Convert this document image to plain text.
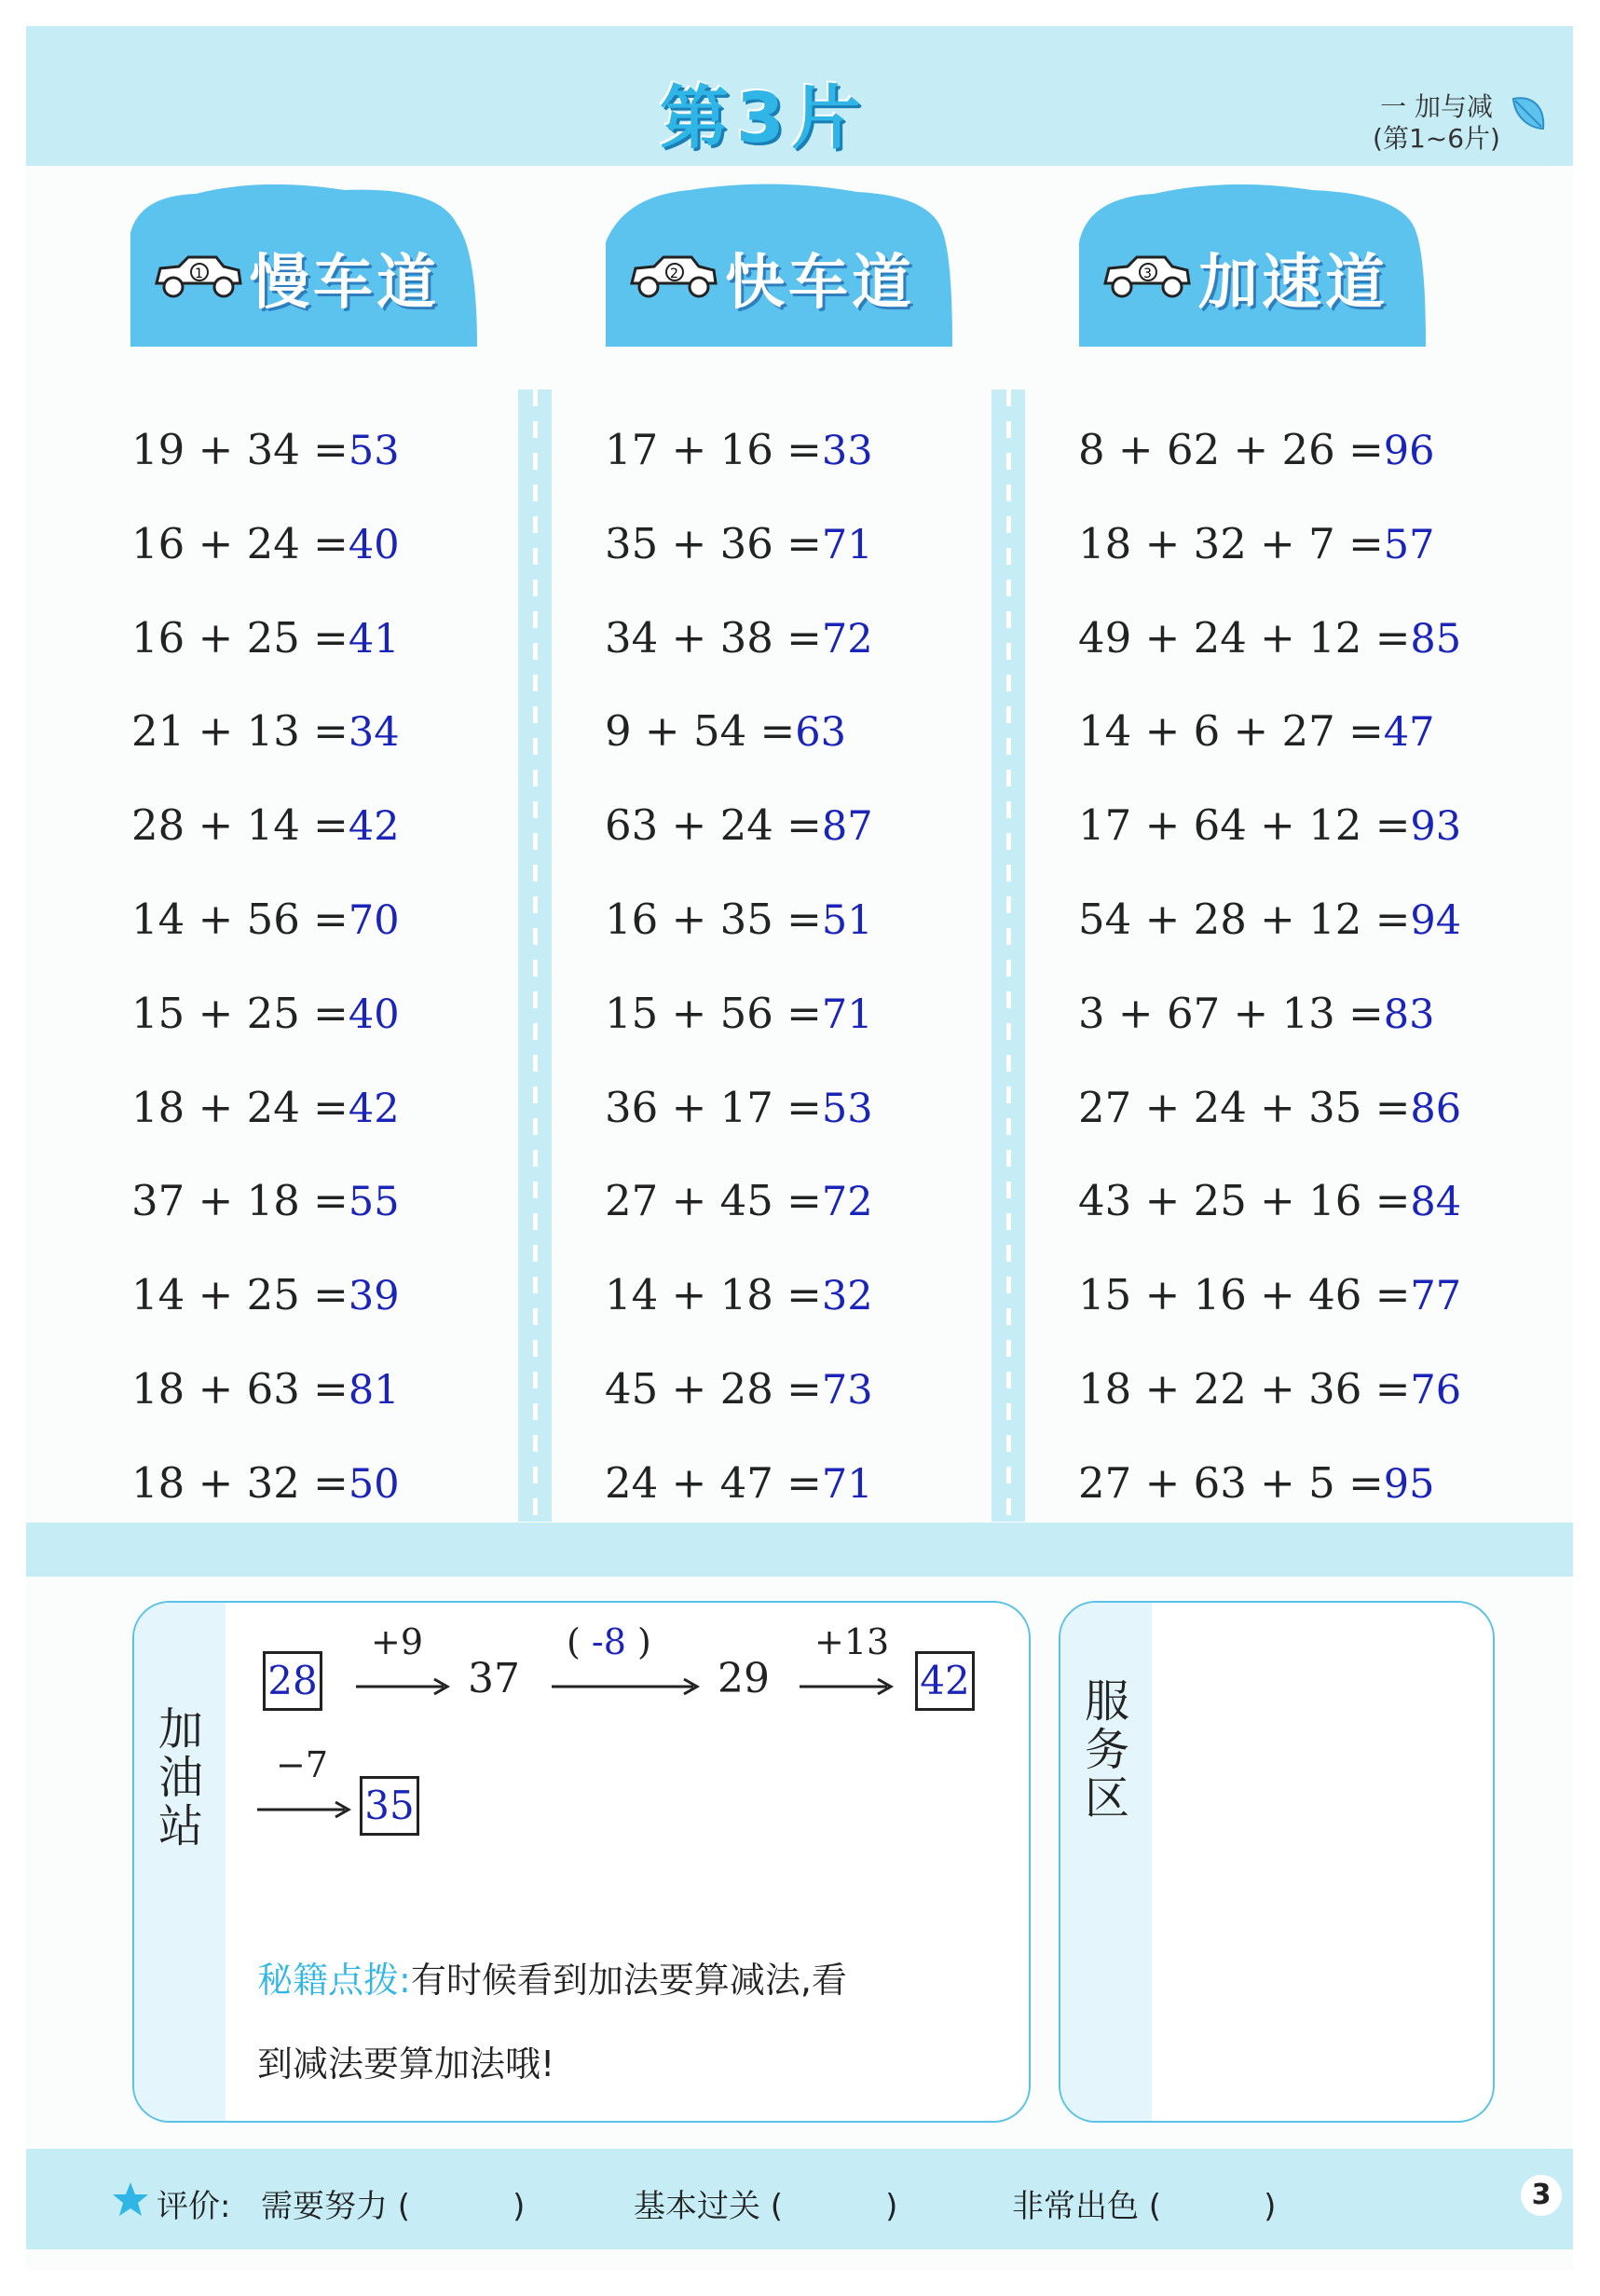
第3片	一 加与减
(第1~6片)
1 慢车道	2 快车道	3 加速道
19 + 34 =53
16 + 24 =40
16 + 25 =41
21 + 13 =34
28 + 14 =42
14 + 56 =70
15 + 25 =40
18 + 24 =42
37 + 18 =55
14 + 25 =39
18 + 63 =81
18 + 32 =50
17 + 16 =33
35 + 36 =71
34 + 38 =72
9 + 54 =63
63 + 24 =87
16 + 35 =51
15 + 56 =71
36 + 17 =53
27 + 45 =72
14 + 18 =32
45 + 28 =73
24 + 47 =71
8 + 62 + 26 =96
18 + 32 + 7 =57
49 + 24 + 12 =85
14 + 6 + 27 =47
17 + 64 + 12 =93
54 + 28 + 12 =94
3 + 67 + 13 =83
27 + 24 + 35 =86
43 + 25 + 16 =84
15 + 16 + 46 =77
18 + 22 + 36 =76
27 + 63 + 5 =95
加
油
站
28
+9
37
( -8 )
29
+13
42
−7
35
秘籍点拨:有时候看到加法要算减法,看
到减法要算加法哦!
服
务
区
评价: 需要努力 (	)	基本过关 (	)	非常出色 (	)	3
